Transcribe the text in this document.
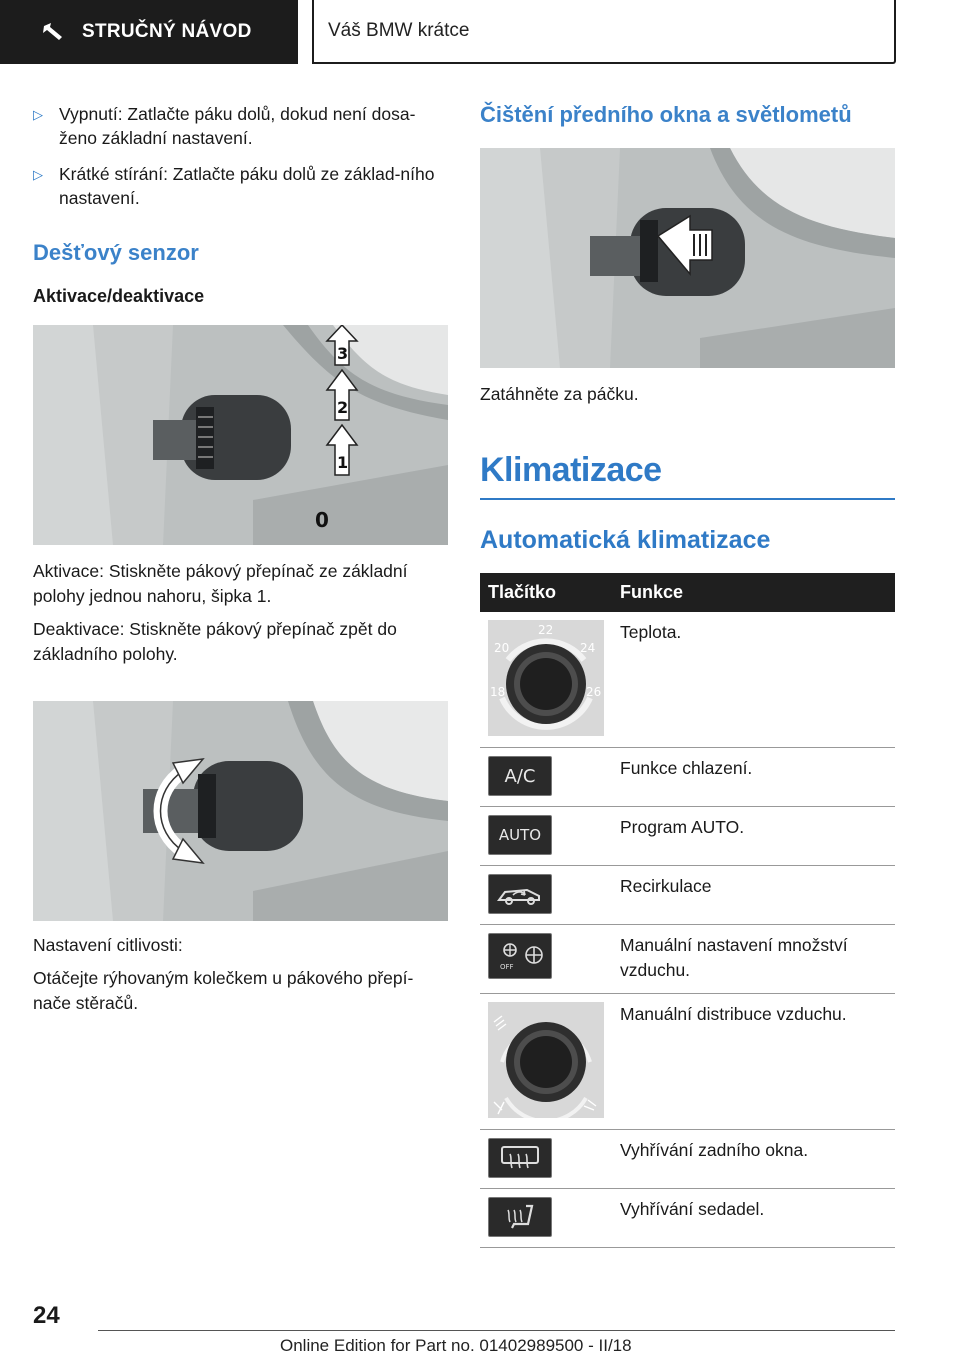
STRUČNÝ NÁVOD	Váš BMW krátce
▷ Vypnutí: Zatlačte páku dolů, dokud není dosa-ženo základní nastavení.
▷ Krátké stírání: Zatlačte páku dolů ze základ-ního nastavení.
Dešťový senzor
Aktivace/deaktivace
1
2
3
0

Aktivace: Stiskněte pákový přepínač ze základní polohy jednou nahoru, šipka 1.

Deaktivace: Stiskněte pákový přepínač zpět do základního polohy.

Nastavení citlivosti:

Otáčejte rýhovaným kolečkem u pákového přepí-nače stěračů.

Čištění předního okna a světlometů

Zatáhněte za páčku.

Klimatizace
Automatická klimatizace
Tlačítko	Funkce

20
22
24
18 26	Teplota.

A/C	Funkce chlazení.

AUTO	Program AUTO.

	Recirkulace

OFF	Manuální nastavení množství vzduchu.

	Manuální distribuce vzduchu.

	Vyhřívání zadního okna.

	Vyhřívání sedadel.
24
Online Edition for Part no. 01402989500 - II/18
